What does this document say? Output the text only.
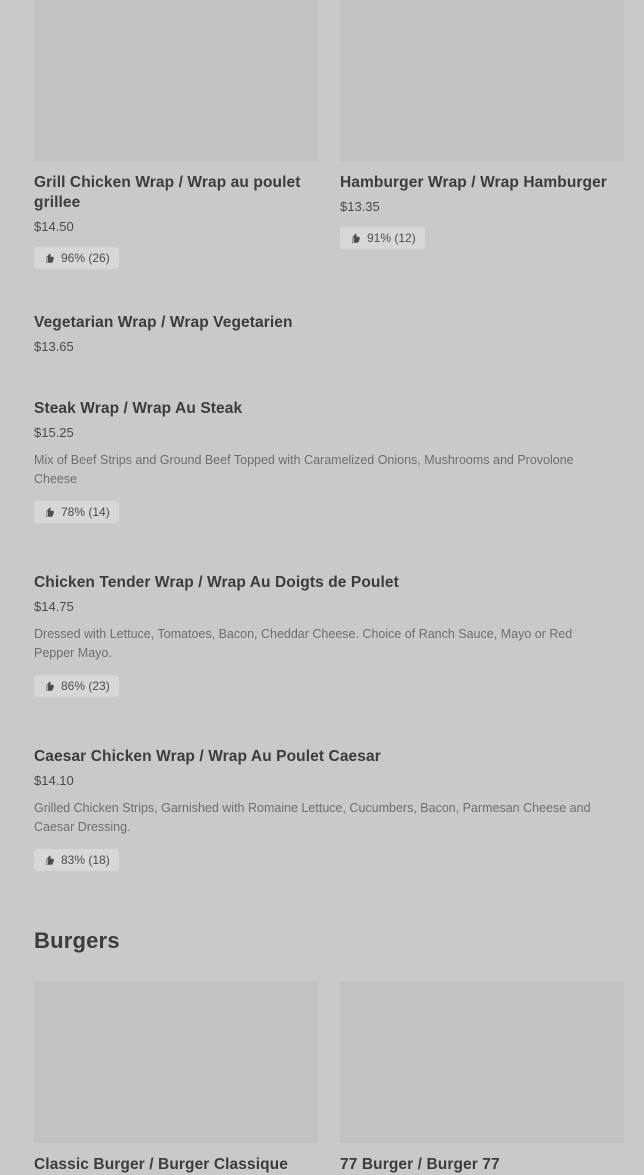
Grill Chicken Wrap / Wrap au poulet grillee
$14.50
96% (26)
Hamburger Wrap / Wrap Hamburger
$13.35
91% (12)
Vegetarian Wrap / Wrap Vegetarien
$13.65
Steak Wrap / Wrap Au Steak
$15.25
Mix of Beef Strips and Ground Beef Topped with Caramelized Onions, Mushrooms and Provolone Cheese
78% (14)
Chicken Tender Wrap / Wrap Au Doigts de Poulet
$14.75
Dressed with Lettuce, Tomatoes, Bacon, Cheddar Cheese. Choice of Ranch Sauce, Mayo or Red Pepper Mayo.
86% (23)
Caesar Chicken Wrap / Wrap Au Poulet Caesar
$14.10
Grilled Chicken Strips, Garnished with Romaine Lettuce, Cucumbers, Bacon, Parmesan Cheese and Caesar Dressing.
83% (18)
Burgers
Classic Burger / Burger Classique	77 Burger / Burger 77
